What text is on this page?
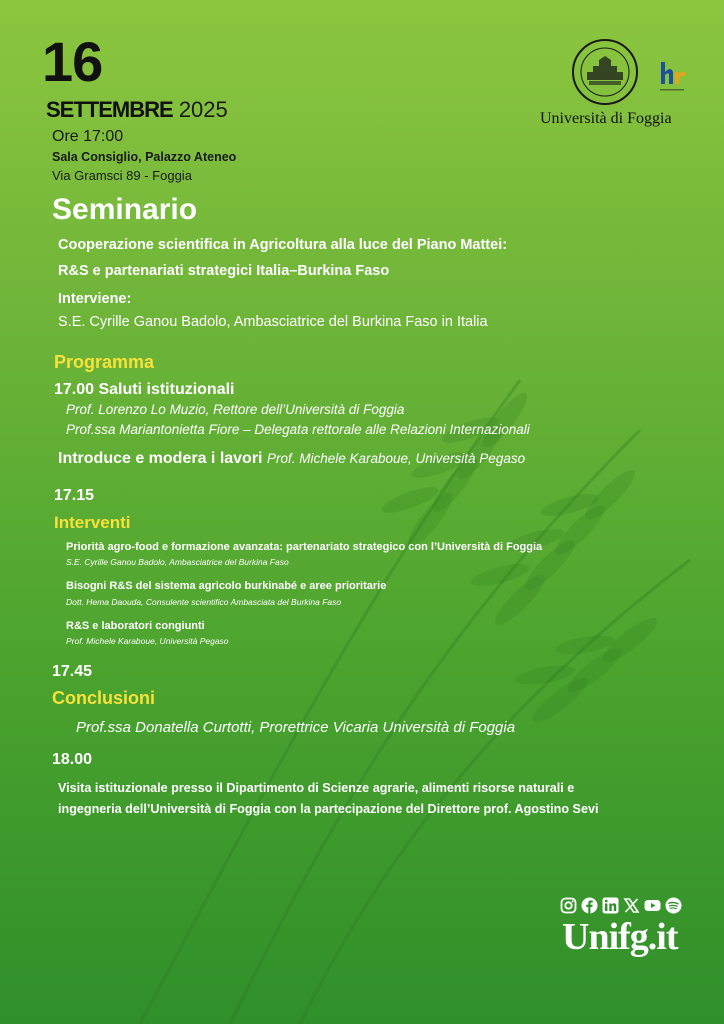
16
SETTEMBRE 2025
Ore 17:00
Sala Consiglio, Palazzo Ateneo
Via Gramsci 89 - Foggia
Università di Foggia
Seminario
Cooperazione scientifica in Agricoltura alla luce del Piano Mattei:
R&S e partenariati strategici Italia–Burkina Faso
Interviene:
S.E. Cyrille Ganou Badolo, Ambasciatrice del Burkina Faso in Italia
Programma
17.00 Saluti istituzionali
Prof. Lorenzo Lo Muzio, Rettore dell’Università di Foggia
Prof.ssa Mariantonietta Fiore – Delegata rettorale alle Relazioni Internazionali
Introduce e modera i lavori Prof. Michele Karaboue, Università Pegaso
17.15
Interventi
Priorità agro-food e formazione avanzata: partenariato strategico con l’Università di Foggia
S.E. Cyrille Ganou Badolo, Ambasciatrice del Burkina Faso
Bisogni R&S del sistema agricolo burkinabé e aree prioritarie
Dott. Hema Daouda, Consulente scientifico Ambasciata del Burkina Faso
R&S e laboratori congiunti
Prof. Michele Karaboue, Università Pegaso
17.45
Conclusioni
Prof.ssa Donatella Curtotti, Prorettrice Vicaria Università di Foggia
18.00
Visita istituzionale presso il Dipartimento di Scienze agrarie, alimenti risorse naturali e
ingegneria dell’Università di Foggia con la partecipazione del Direttore prof. Agostino Sevi
Unifg.it
